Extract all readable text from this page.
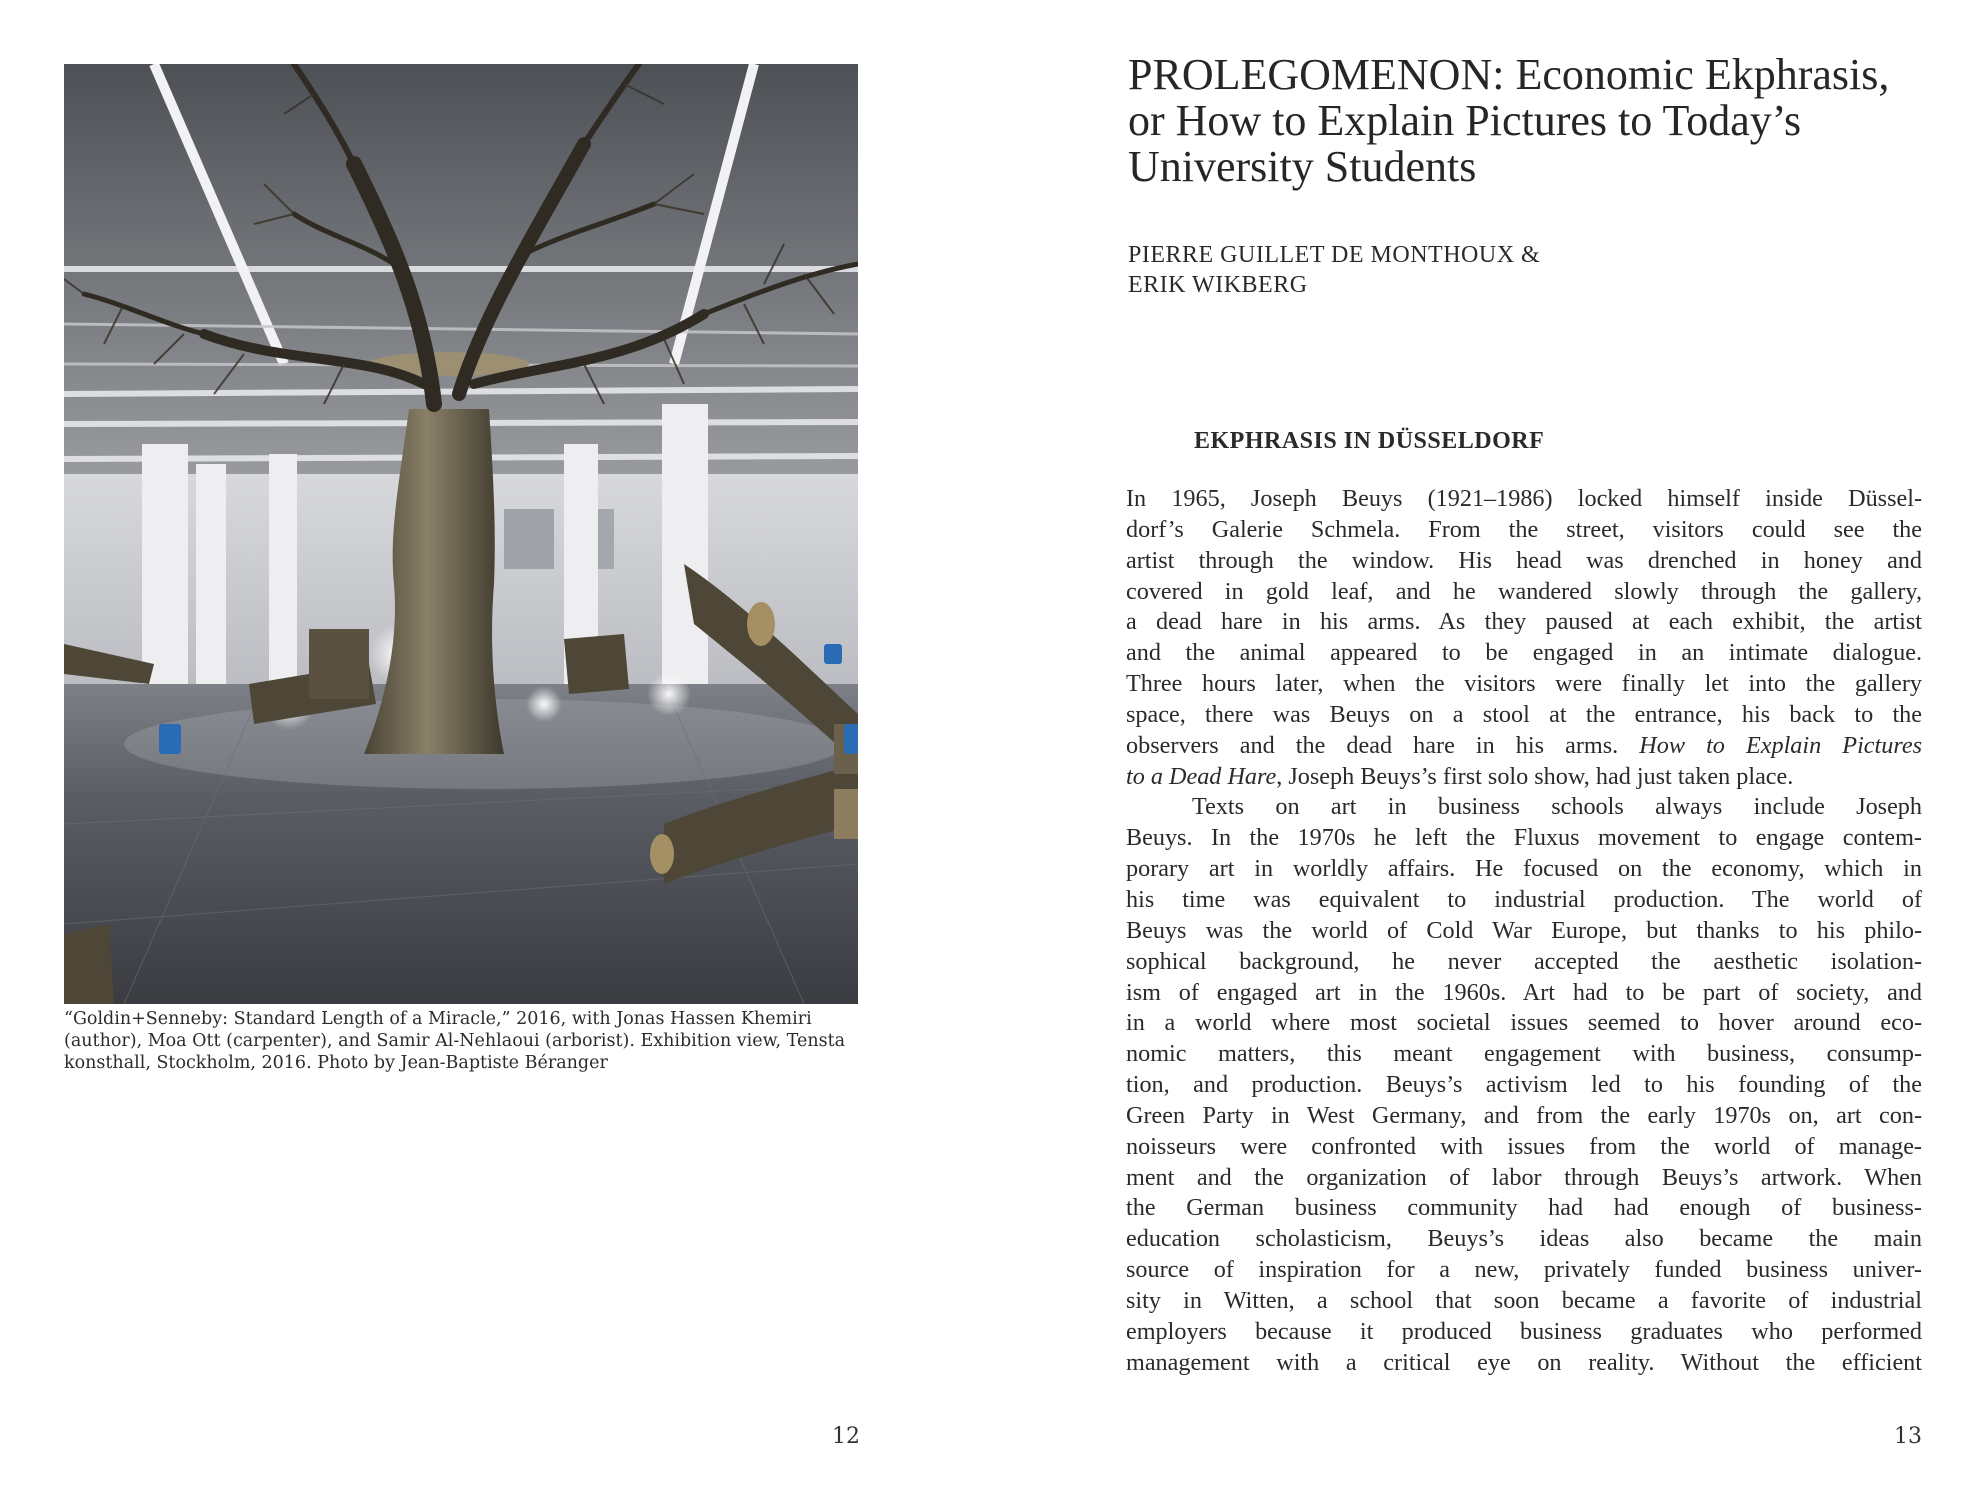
“Goldin+Senneby: Standard Length of a Miracle,” 2016, with Jonas Hassen Khemiri (author), Moa Ott (carpenter), and Samir Al-Nehlaoui (arborist). Exhibition view, Tensta konsthall, Stockholm, 2016. Photo by Jean-Baptiste Béranger

12
PROLEGOMENON: Economic Ekphrasis, or How to Explain Pictures to Today’s University Students
PIERRE GUILLET DE MONTHOUX &
ERIK WIKBERG
EKPHRASIS IN DÜSSELDORF
In 1965, Joseph Beuys (1921–1986) locked himself inside Düssel-
dorf’s Galerie Schmela. From the street, visitors could see the
artist through the window. His head was drenched in honey and
covered in gold leaf, and he wandered slowly through the gallery,
a dead hare in his arms. As they paused at each exhibit, the artist
and the animal appeared to be engaged in an intimate dialogue.
Three hours later, when the visitors were finally let into the gallery
space, there was Beuys on a stool at the entrance, his back to the
observers and the dead hare in his arms. How to Explain Pictures
to a Dead Hare, Joseph Beuys’s first solo show, had just taken place.
Texts on art in business schools always include Joseph
Beuys. In the 1970s he left the Fluxus movement to engage contem-
porary art in worldly affairs. He focused on the economy, which in
his time was equivalent to industrial production. The world of
Beuys was the world of Cold War Europe, but thanks to his philo-
sophical background, he never accepted the aesthetic isolation-
ism of engaged art in the 1960s. Art had to be part of society, and
in a world where most societal issues seemed to hover around eco-
nomic matters, this meant engagement with business, consump-
tion, and production. Beuys’s activism led to his founding of the
Green Party in West Germany, and from the early 1970s on, art con-
noisseurs were confronted with issues from the world of manage-
ment and the organization of labor through Beuys’s artwork. When
the German business community had had enough of business-
education scholasticism, Beuys’s ideas also became the main
source of inspiration for a new, privately funded business univer-
sity in Witten, a school that soon became a favorite of industrial
employers because it produced business graduates who performed
management with a critical eye on reality. Without the efficient
13
